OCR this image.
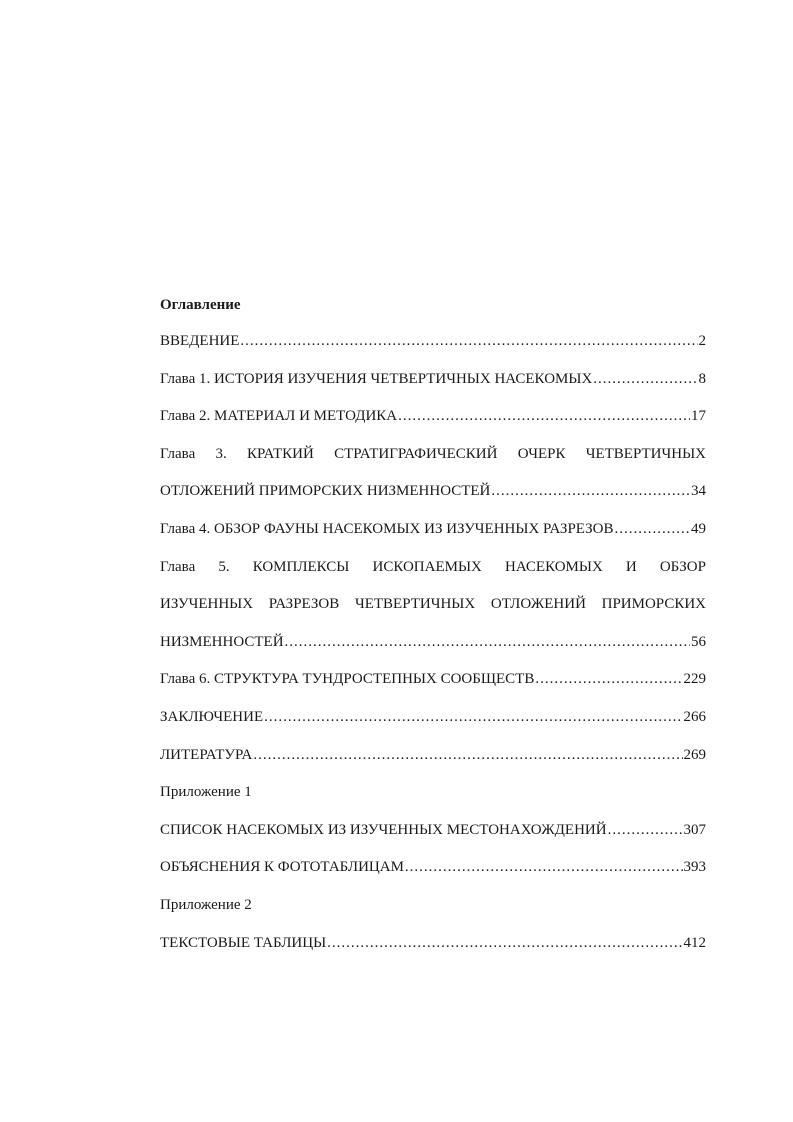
Оглавление
ВВЕДЕНИЕ .....	2
Глава 1. ИСТОРИЯ ИЗУЧЕНИЯ ЧЕТВЕРТИЧНЫХ НАСЕКОМЫХ .....	8
Глава 2. МАТЕРИАЛ И МЕТОДИКА .....	17
Глава 3. КРАТКИЙ СТРАТИГРАФИЧЕСКИЙ ОЧЕРК ЧЕТВЕРТИЧНЫХ
ОТЛОЖЕНИЙ ПРИМОРСКИХ НИЗМЕННОСТЕЙ .....	34
Глава 4. ОБЗОР ФАУНЫ НАСЕКОМЫХ ИЗ ИЗУЧЕННЫХ РАЗРЕЗОВ .....	49
Глава 5. КОМПЛЕКСЫ ИСКОПАЕМЫХ НАСЕКОМЫХ И ОБЗОР
ИЗУЧЕННЫХ РАЗРЕЗОВ ЧЕТВЕРТИЧНЫХ ОТЛОЖЕНИЙ ПРИМОРСКИХ
НИЗМЕННОСТЕЙ .....	56
Глава 6. СТРУКТУРА ТУНДРОСТЕПНЫХ СООБЩЕСТВ .....	229
ЗАКЛЮЧЕНИЕ .....	266
ЛИТЕРАТУРА .....	269
Приложение 1
СПИСОК НАСЕКОМЫХ ИЗ ИЗУЧЕННЫХ МЕСТОНАХОЖДЕНИЙ .....	307
ОБЪЯСНЕНИЯ К ФОТОТАБЛИЦАМ .....	393
Приложение 2
ТЕКСТОВЫЕ ТАБЛИЦЫ .....	412
